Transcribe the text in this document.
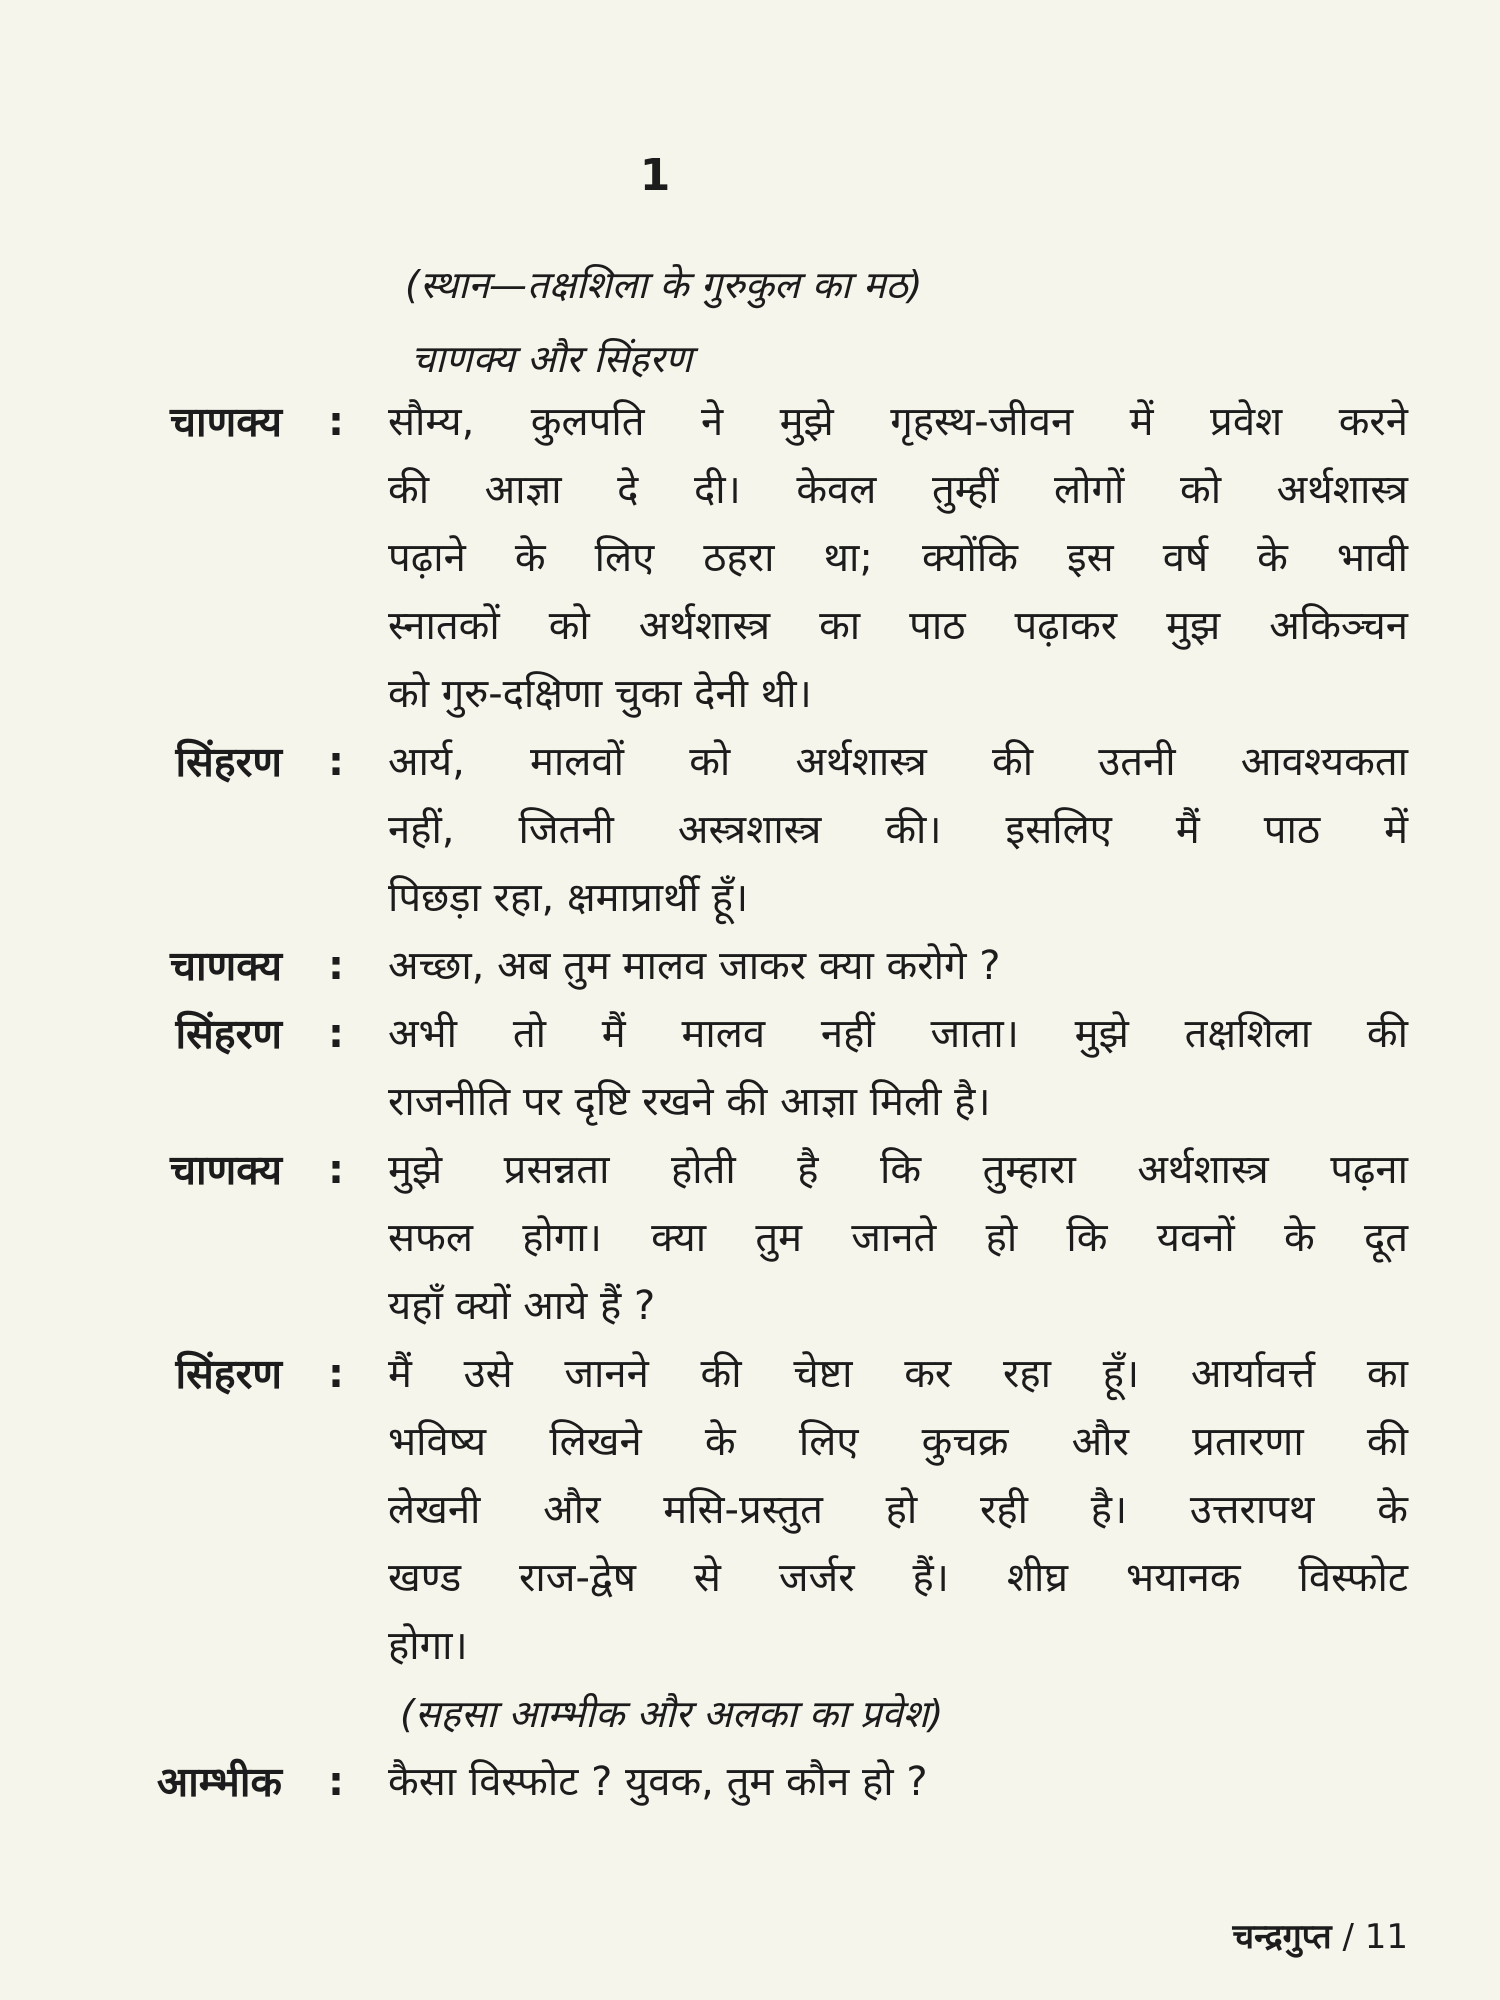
1
(स्थान—तक्षशिला के गुरुकुल का मठ)
चाणक्य और सिंहरण
चाणक्य : सौम्य, कुलपति ने मुझे गृहस्थ-जीवन में प्रवेश करने
की आज्ञा दे दी। केवल तुम्हीं लोगों को अर्थशास्त्र
पढ़ाने के लिए ठहरा था; क्योंकि इस वर्ष के भावी
स्नातकों को अर्थशास्त्र का पाठ पढ़ाकर मुझ अकिञ्चन
को गुरु-दक्षिणा चुका देनी थी।
सिंहरण : आर्य, मालवों को अर्थशास्त्र की उतनी आवश्यकता
नहीं, जितनी अस्त्रशास्त्र की। इसलिए मैं पाठ में
पिछड़ा रहा, क्षमाप्रार्थी हूँ।
चाणक्य : अच्छा, अब तुम मालव जाकर क्या करोगे ?
सिंहरण : अभी तो मैं मालव नहीं जाता। मुझे तक्षशिला की
राजनीति पर दृष्टि रखने की आज्ञा मिली है।
चाणक्य : मुझे प्रसन्नता होती है कि तुम्हारा अर्थशास्त्र पढ़ना
सफल होगा। क्या तुम जानते हो कि यवनों के दूत
यहाँ क्यों आये हैं ?
सिंहरण : मैं उसे जानने की चेष्टा कर रहा हूँ। आर्यावर्त्त का
भविष्य लिखने के लिए कुचक्र और प्रतारणा की
लेखनी और मसि-प्रस्तुत हो रही है। उत्तरापथ के
खण्ड राज-द्वेष से जर्जर हैं। शीघ्र भयानक विस्फोट
होगा।
(सहसा आम्भीक और अलका का प्रवेश)
आम्भीक : कैसा विस्फोट ? युवक, तुम कौन हो ?
चन्द्रगुप्त / 11
